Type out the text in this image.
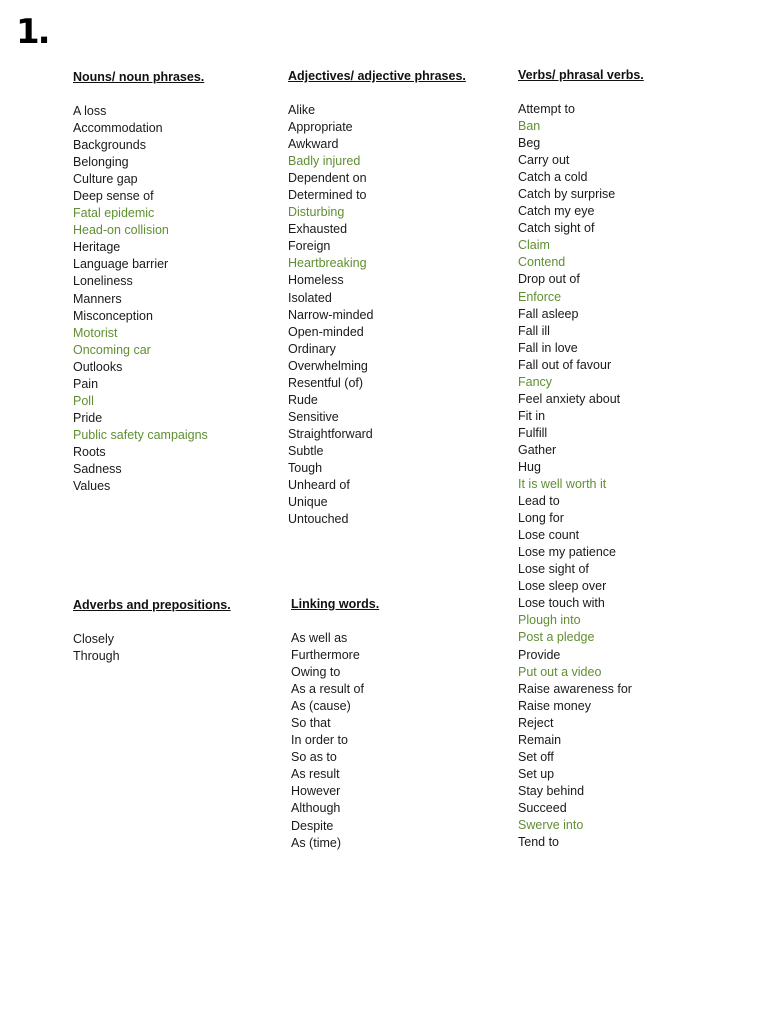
1.
Nouns/ noun phrases.
A loss
Accommodation
Backgrounds
Belonging
Culture gap
Deep sense of
Fatal epidemic
Head-on collision
Heritage
Language barrier
Loneliness
Manners
Misconception
Motorist
Oncoming car
Outlooks
Pain
Poll
Pride
Public safety campaigns
Roots
Sadness
Values
Adjectives/ adjective phrases.
Alike
Appropriate
Awkward
Badly injured
Dependent on
Determined to
Disturbing
Exhausted
Foreign
Heartbreaking
Homeless
Isolated
Narrow-minded
Open-minded
Ordinary
Overwhelming
Resentful (of)
Rude
Sensitive
Straightforward
Subtle
Tough
Unheard of
Unique
Untouched
Verbs/ phrasal verbs.
Attempt to
Ban
Beg
Carry out
Catch a cold
Catch by surprise
Catch my eye
Catch sight of
Claim
Contend
Drop out of
Enforce
Fall asleep
Fall ill
Fall in love
Fall out of favour
Fancy
Feel anxiety about
Fit in
Fulfill
Gather
Hug
It is well worth it
Lead to
Long for
Lose count
Lose my patience
Lose sight of
Lose sleep over
Lose touch with
Plough into
Post a pledge
Provide
Put out a video
Raise awareness for
Raise money
Reject
Remain
Set off
Set up
Stay behind
Succeed
Swerve into
Tend to
Adverbs and prepositions.
Closely
Through
Linking words.
As well as
Furthermore
Owing to
As a result of
As (cause)
So that
In order to
So as to
As result
However
Although
Despite
As (time)
